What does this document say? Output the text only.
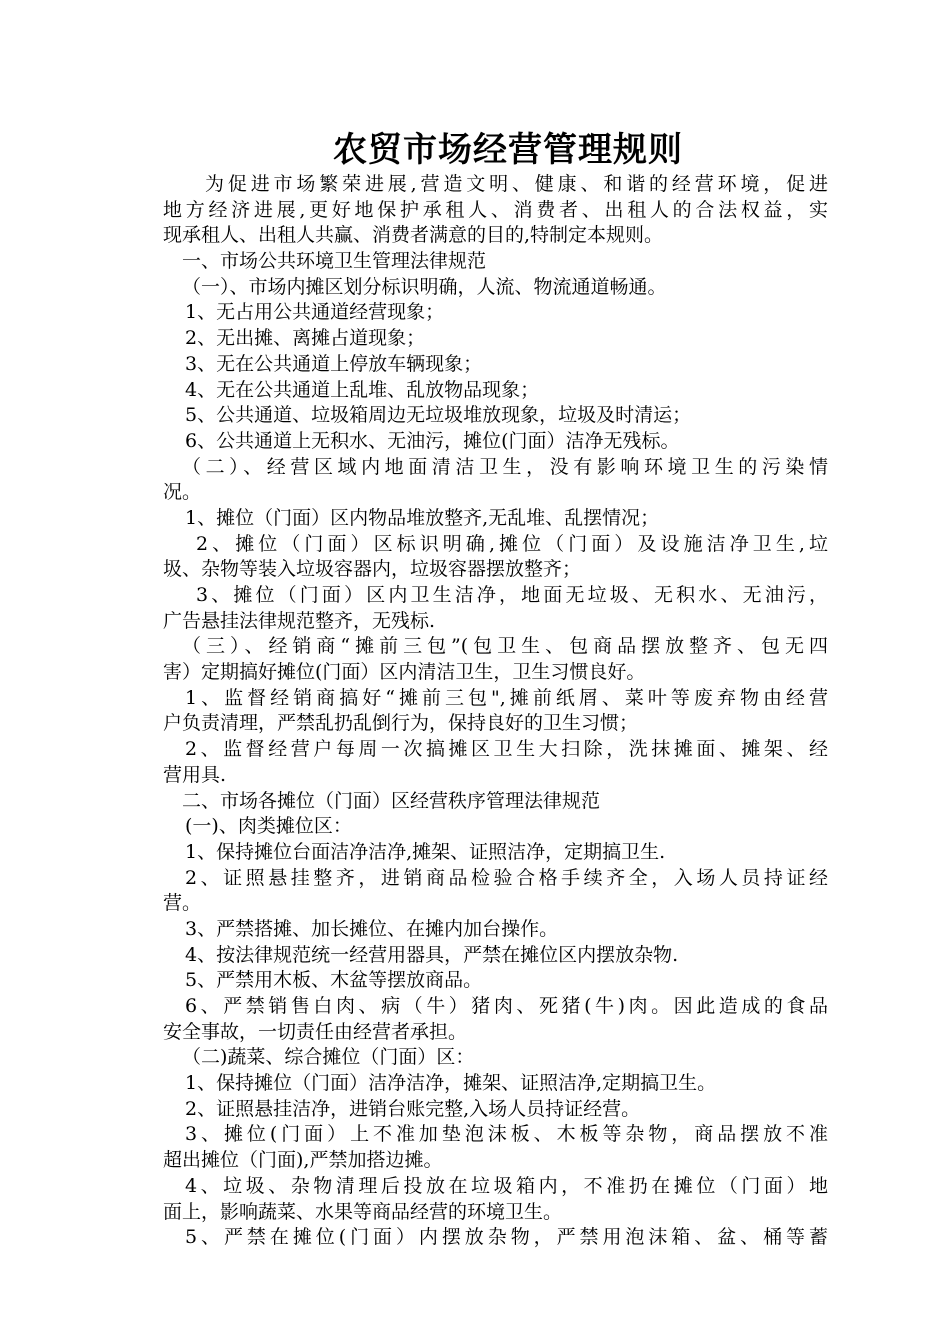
农贸市场经营管理规则
为促进市场繁荣进展,营造文明、健康、和谐的经营环境，促进
地方经济进展,更好地保护承租人、消费者、出租人的合法权益，实
现承租人、出租人共赢、消费者满意的目的,特制定本规则。
一、市场公共环境卫生管理法律规范
（一）、市场内摊区划分标识明确，人流、物流通道畅通。
1、无占用公共通道经营现象；
2、无出摊、离摊占道现象；
3、无在公共通道上停放车辆现象；
4、无在公共通道上乱堆、乱放物品现象；
5、公共通道、垃圾箱周边无垃圾堆放现象，垃圾及时清运；
6、公共通道上无积水、无油污，摊位(门面）洁净无残标。
（二）、经营区域内地面清洁卫生，没有影响环境卫生的污染情
况。
1、摊位（门面）区内物品堆放整齐,无乱堆、乱摆情况；
2、摊位（门面）区标识明确,摊位（门面）及设施洁净卫生,垃
圾、杂物等装入垃圾容器内，垃圾容器摆放整齐；
3、摊位（门面）区内卫生洁净，地面无垃圾、无积水、无油污，
广告悬挂法律规范整齐，无残标.
（三）、经销商“摊前三包”(包卫生、包商品摆放整齐、包无四
害）定期搞好摊位(门面）区内清洁卫生，卫生习惯良好。
1、监督经销商搞好“摊前三包",摊前纸屑、菜叶等废弃物由经营
户负责清理，严禁乱扔乱倒行为，保持良好的卫生习惯；
2、监督经营户每周一次搞摊区卫生大扫除，洗抹摊面、摊架、经
营用具.
二、市场各摊位（门面）区经营秩序管理法律规范
(一)、肉类摊位区：
1、保持摊位台面洁净洁净,摊架、证照洁净，定期搞卫生.
2、证照悬挂整齐，进销商品检验合格手续齐全，入场人员持证经
营。
3、严禁搭摊、加长摊位、在摊内加台操作。
4、按法律规范统一经营用器具，严禁在摊位区内摆放杂物.
5、严禁用木板、木盆等摆放商品。
6、严禁销售白肉、病（牛）猪肉、死猪(牛)肉。因此造成的食品
安全事故，一切责任由经营者承担。
（二)蔬菜、综合摊位（门面）区：
1、保持摊位（门面）洁净洁净，摊架、证照洁净,定期搞卫生。
2、证照悬挂洁净，进销台账完整,入场人员持证经营。
3、摊位(门面）上不准加垫泡沫板、木板等杂物，商品摆放不准
超出摊位（门面),严禁加搭边摊。
4、垃圾、杂物清理后投放在垃圾箱内，不准扔在摊位（门面）地
面上，影响蔬菜、水果等商品经营的环境卫生。
5、严禁在摊位(门面）内摆放杂物，严禁用泡沫箱、盆、桶等蓄
